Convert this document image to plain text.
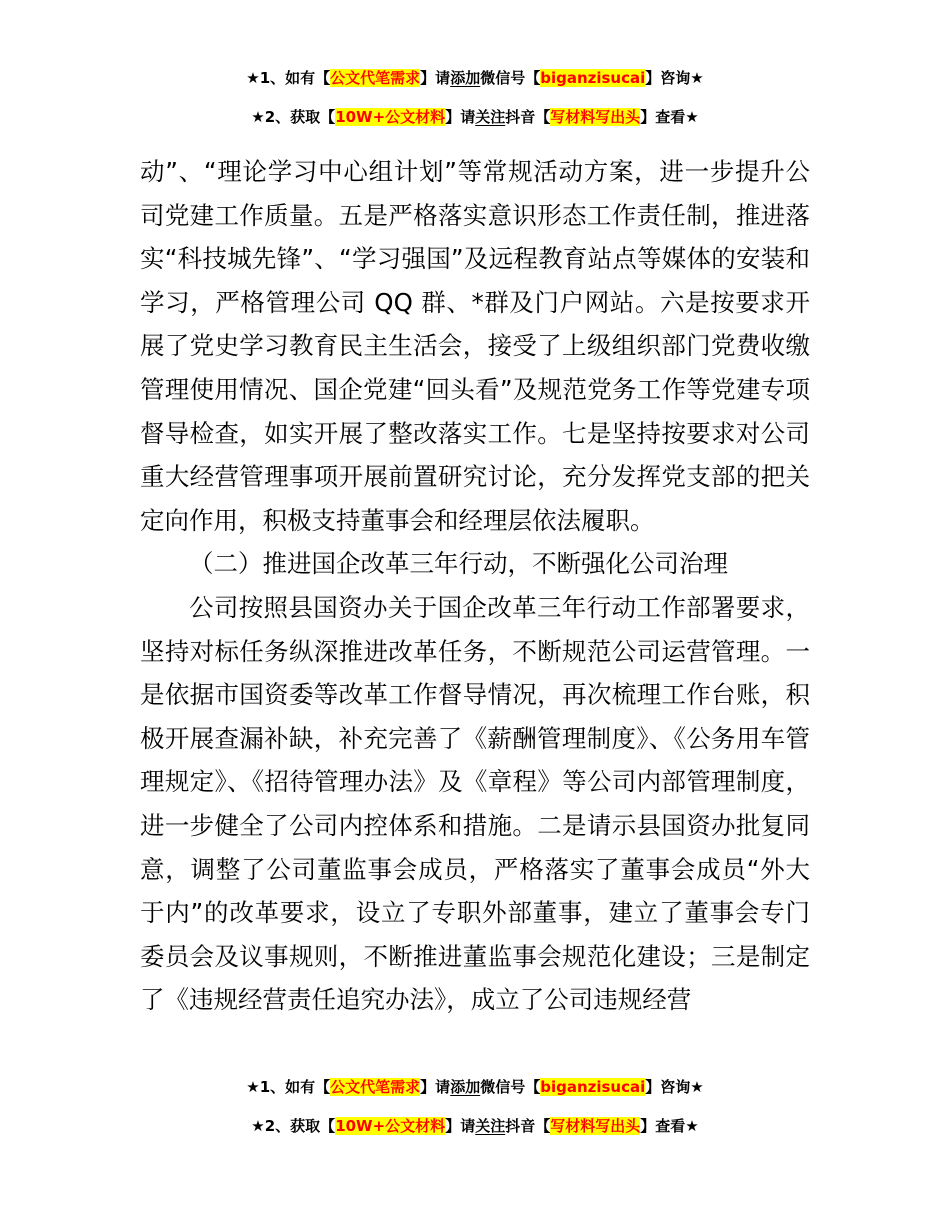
★1、如有【公文代笔需求】请添加微信号【biganzisucai】咨询★
★2、获取【10W+公文材料】请关注抖音【写材料写出头】查看★

动”、“理论学习中心组计划”等常规活动方案，进一步提升公司党建工作质量。五是严格落实意识形态工作责任制，推进落实“科技城先锋”、“学习强国”及远程教育站点等媒体的安装和学习，严格管理公司 QQ 群、*群及门户网站。六是按要求开展了党史学习教育民主生活会，接受了上级组织部门党费收缴管理使用情况、国企党建“回头看”及规范党务工作等党建专项督导检查，如实开展了整改落实工作。七是坚持按要求对公司重大经营管理事项开展前置研究讨论，充分发挥党支部的把关定向作用，积极支持董事会和经理层依法履职。

（二）推进国企改革三年行动，不断强化公司治理

公司按照县国资办关于国企改革三年行动工作部署要求，坚持对标任务纵深推进改革任务，不断规范公司运营管理。一是依据市国资委等改革工作督导情况，再次梳理工作台账，积极开展查漏补缺，补充完善了《薪酬管理制度》、《公务用车管理规定》、《招待管理办法》及《章程》等公司内部管理制度，进一步健全了公司内控体系和措施。二是请示县国资办批复同意，调整了公司董监事会成员，严格落实了董事会成员“外大于内”的改革要求，设立了专职外部董事，建立了董事会专门委员会及议事规则，不断推进董监事会规范化建设；三是制定了《违规经营责任追究办法》，成立了公司违规经营

★1、如有【公文代笔需求】请添加微信号【biganzisucai】咨询★
★2、获取【10W+公文材料】请关注抖音【写材料写出头】查看★
